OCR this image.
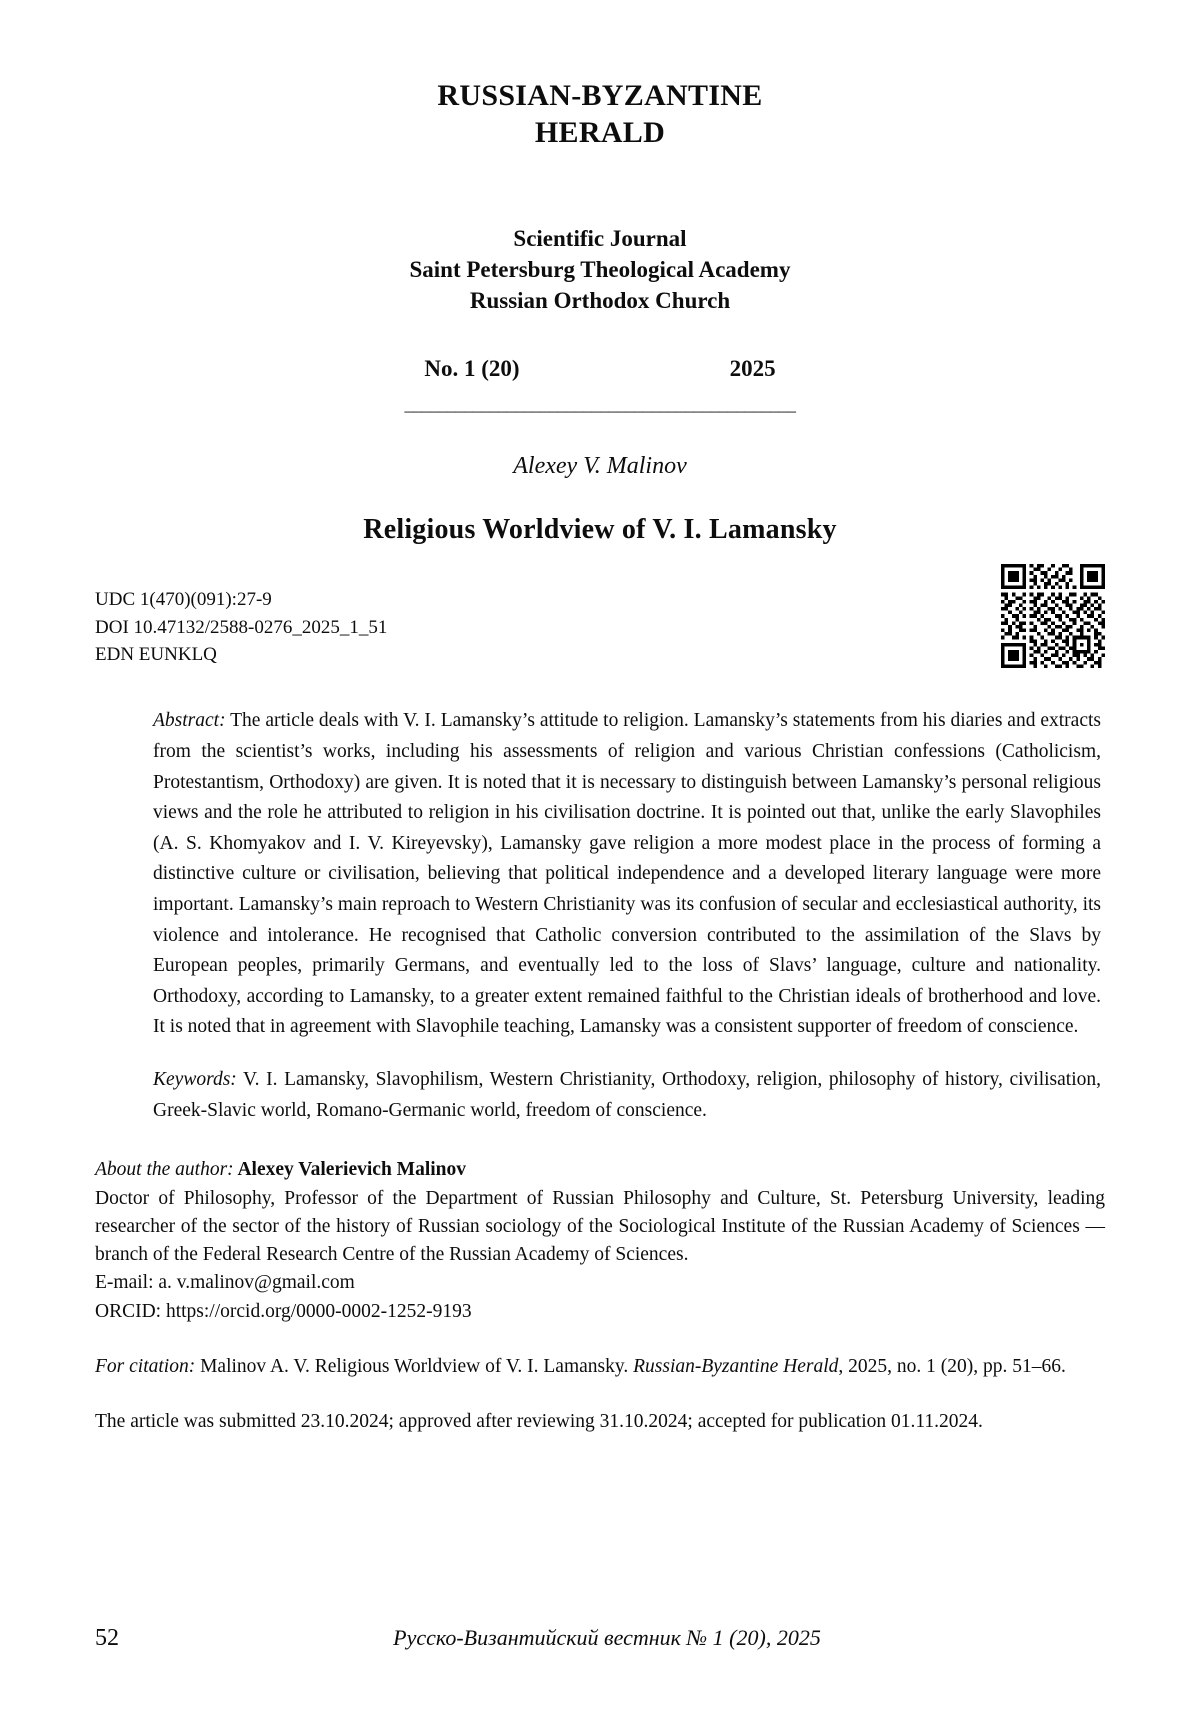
RUSSIAN-BYZANTINE
HERALD
Scientific Journal
Saint Petersburg Theological Academy
Russian Orthodox Church
No. 1 (20)	2025
______________________________________________
Alexey V. Malinov
Religious Worldview of V. I. Lamansky
UDC 1(470)(091):27-9
DOI 10.47132/2588-0276_2025_1_51
EDN EUNKLQ
Abstract: The article deals with V. I. Lamansky’s attitude to religion. Lamansky’s statements from his diaries and extracts from the scientist’s works, including his assessments of religion and various Christian confessions (Catholicism, Protestantism, Orthodoxy) are given. It is noted that it is necessary to distinguish between Lamansky’s personal religious views and the role he attributed to religion in his civilisation doctrine. It is pointed out that, unlike the early Slavophiles (A. S. Khomyakov and I. V. Kireyevsky), Lamansky gave religion a more modest place in the process of forming a distinctive culture or civilisation, believing that political independence and a developed literary language were more important. Lamansky’s main reproach to Western Christianity was its confusion of secular and ecclesiastical authority, its violence and intolerance. He recognised that Catholic conversion contributed to the assimilation of the Slavs by European peoples, primarily Germans, and eventually led to the loss of Slavs’ language, culture and nationality. Orthodoxy, according to Lamansky, to a greater extent remained faithful to the Christian ideals of brotherhood and love. It is noted that in agreement with Slavophile teaching, Lamansky was a consistent supporter of freedom of conscience.
Keywords: V. I. Lamansky, Slavophilism, Western Christianity, Orthodoxy, religion, philosophy of history, civilisation, Greek-Slavic world, Romano-Germanic world, freedom of conscience.

About the author: Alexey Valerievich Malinov

Doctor of Philosophy, Professor of the Department of Russian Philosophy and Culture, St. Petersburg University, leading researcher of the sector of the history of Russian sociology of the Sociological Institute of the Russian Academy of Sciences — branch of the Federal Research Centre of the Russian Academy of Sciences.

E-mail: a. v.malinov@gmail.com

ORCID: https://orcid.org/0000-0002-1252-9193

For citation: Malinov A. V. Religious Worldview of V. I. Lamansky. Russian-Byzantine Herald, 2025, no. 1 (20), pp. 51–66.
The article was submitted 23.10.2024; approved after reviewing 31.10.2024; accepted for publication 01.11.2024.
52	Русско-Византийский вестник № 1 (20), 2025
